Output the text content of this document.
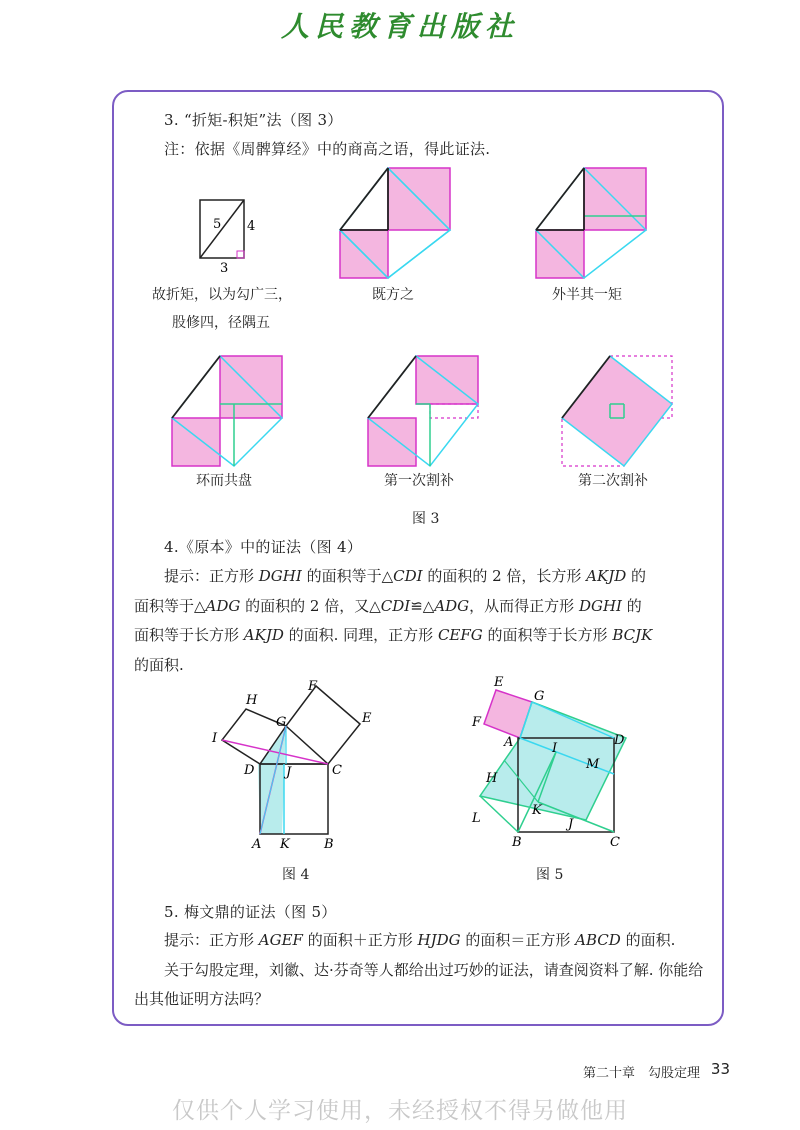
人民教育出版社
3. “折矩-积矩”法（图 3）
注：依据《周髀算经》中的商高之语，得此证法.
5 4
3
故折矩，以为勾广三，
股修四，径隅五
既方之	外半其一矩
环而共盘	第一次割补	第二次割补
图 3
4.《原本》中的证法（图 4）

提示：正方形 DGHI 的面积等于△CDI 的面积的 2 倍，长方形 AKJD 的

面积等于△ADG 的面积的 2 倍，又△CDI≌△ADG，从而得正方形 DGHI 的

面积等于长方形 AKJD 的面积. 同理，正方形 CEFG 的面积等于长方形 BCJK

的面积.

H
F
G	E
I
D J	C
A K	B
图 4
E
G
F
A	I
D
M
H
K
L	J
B	C
图 5
5. 梅文鼎的证法（图 5）

提示：正方形 AGEF 的面积＋正方形 HJDG 的面积＝正方形 ABCD 的面积.

关于勾股定理，刘徽、达·芬奇等人都给出过巧妙的证法，请查阅资料了解. 你能给出其他证明方法吗？

第二十章　勾股定理 33
仅供个人学习使用，未经授权不得另做他用
